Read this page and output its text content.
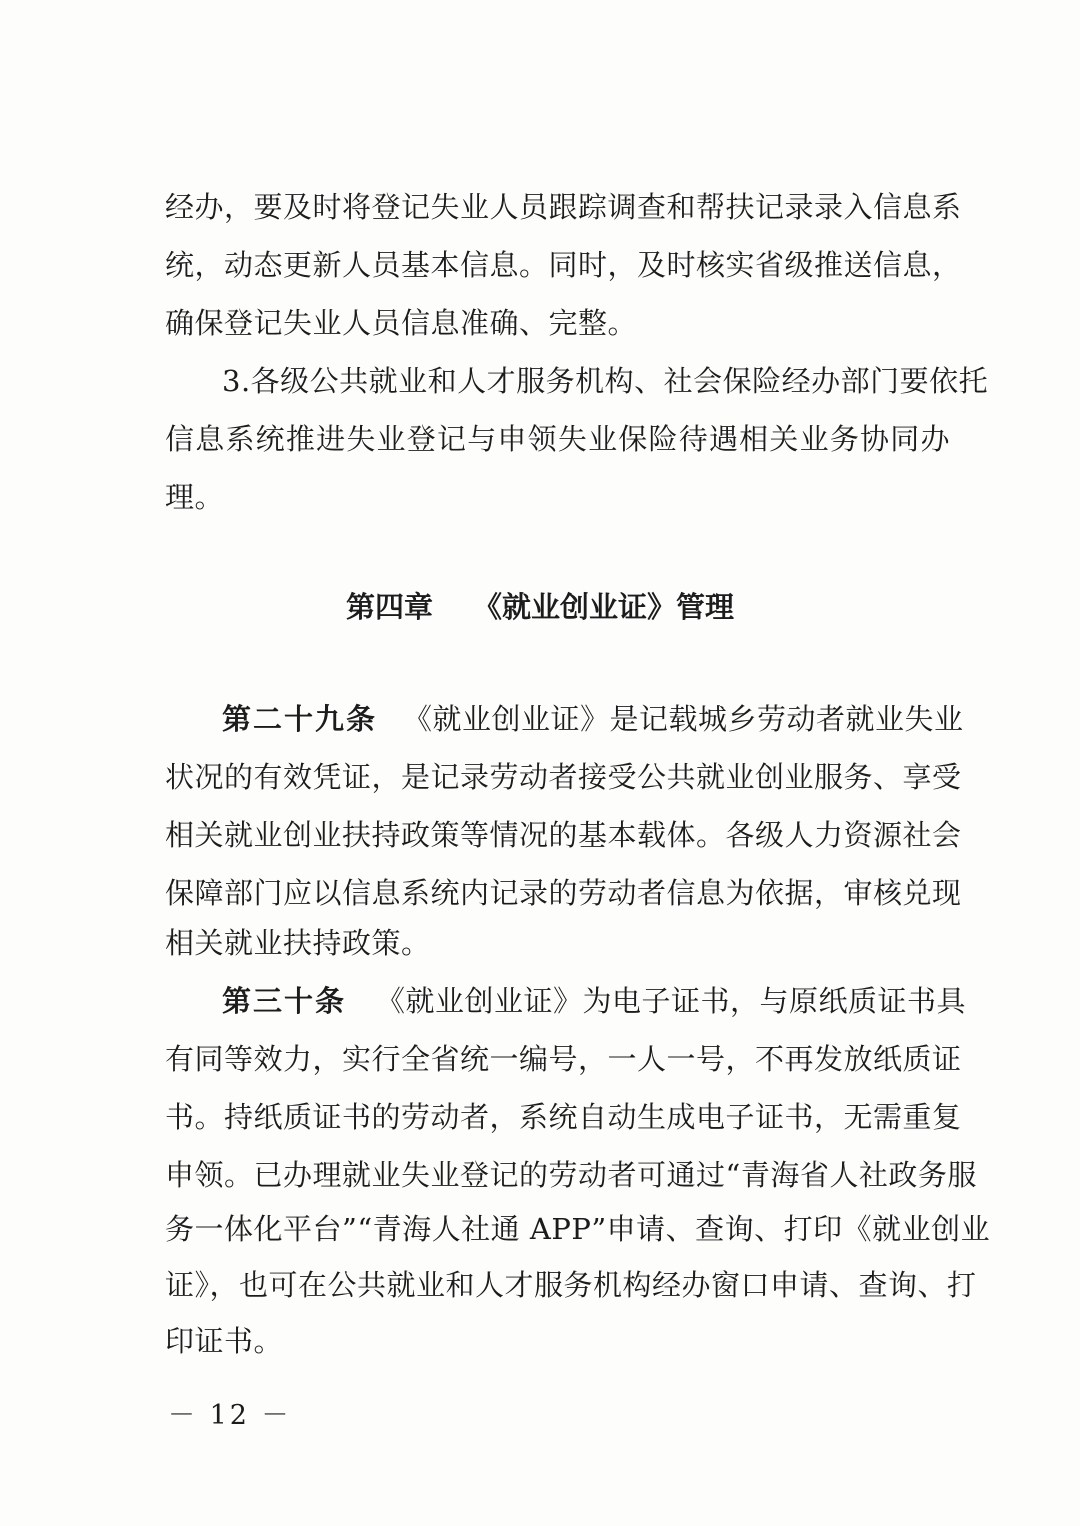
经办，要及时将登记失业人员跟踪调查和帮扶记录录入信息系
统，动态更新人员基本信息。同时，及时核实省级推送信息，
确保登记失业人员信息准确、完整。
3.各级公共就业和人才服务机构、社会保险经办部门要依托
信息系统推进失业登记与申领失业保险待遇相关业务协同办
理。
第四章 《就业创业证》管理
第二十九条 《就业创业证》是记载城乡劳动者就业失业
状况的有效凭证，是记录劳动者接受公共就业创业服务、享受
相关就业创业扶持政策等情况的基本载体。各级人力资源社会
保障部门应以信息系统内记录的劳动者信息为依据，审核兑现
相关就业扶持政策。
第三十条 《就业创业证》为电子证书，与原纸质证书具
有同等效力，实行全省统一编号，一人一号，不再发放纸质证
书。持纸质证书的劳动者，系统自动生成电子证书，无需重复
申领。已办理就业失业登记的劳动者可通过“青海省人社政务服
务一体化平台”“青海人社通 APP”申请、查询、打印《就业创业
证》，也可在公共就业和人才服务机构经办窗口申请、查询、打
印证书。
－ 12 －
